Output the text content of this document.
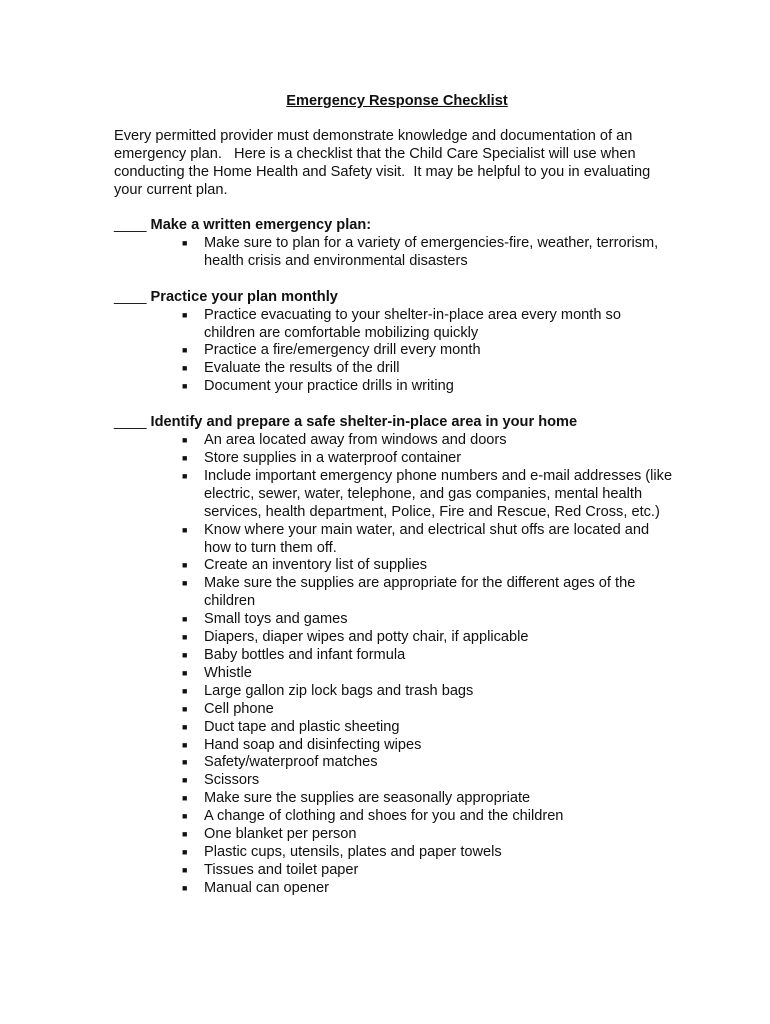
Emergency Response Checklist
Every permitted provider must demonstrate knowledge and documentation of an emergency plan.   Here is a checklist that the Child Care Specialist will use when conducting the Home Health and Safety visit.  It may be helpful to you in evaluating your current plan.
____ Make a written emergency plan:
■ Make sure to plan for a variety of emergencies-fire, weather, terrorism, health crisis and environmental disasters
____ Practice your plan monthly
■ Practice evacuating to your shelter-in-place area every month so children are comfortable mobilizing quickly
■ Practice a fire/emergency drill every month
■ Evaluate the results of the drill
■ Document your practice drills in writing
____ Identify and prepare a safe shelter-in-place area in your home
■ An area located away from windows and doors
■ Store supplies in a waterproof container
■ Include important emergency phone numbers and e-mail addresses (like electric, sewer, water, telephone, and gas companies, mental health services, health department, Police, Fire and Rescue, Red Cross, etc.)
■ Know where your main water, and electrical shut offs are located and how to turn them off.
■ Create an inventory list of supplies
■ Make sure the supplies are appropriate for the different ages of the children
■ Small toys and games
■ Diapers, diaper wipes and potty chair, if applicable
■ Baby bottles and infant formula
■ Whistle
■ Large gallon zip lock bags and trash bags
■ Cell phone
■ Duct tape and plastic sheeting
■ Hand soap and disinfecting wipes
■ Safety/waterproof matches
■ Scissors
■ Make sure the supplies are seasonally appropriate
■ A change of clothing and shoes for you and the children
■ One blanket per person
■ Plastic cups, utensils, plates and paper towels
■ Tissues and toilet paper
■ Manual can opener
